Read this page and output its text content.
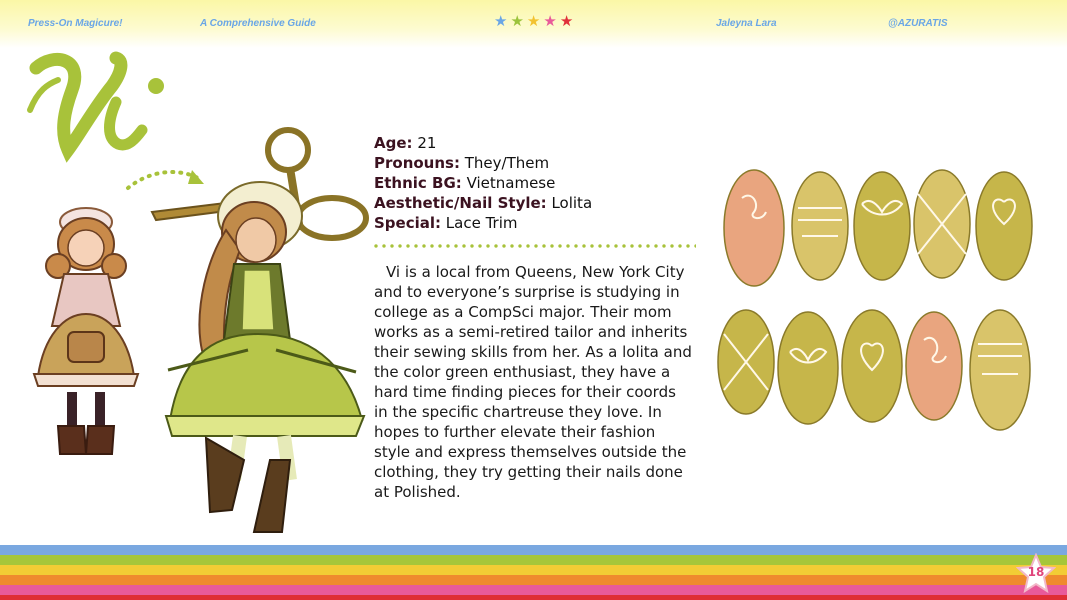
Press-On Magicure!	A Comprehensive Guide	★ ★ ★ ★ ★	Jaleyna Lara	@AZURATIS
Age: 21
Pronouns: They/Them
Ethnic BG: Vietnamese
Aesthetic/Nail Style: Lolita
Special: Lace Trim
Vi is a local from Queens, New York City and to everyone’s surprise is studying in college as a CompSci major. Their mom works as a semi-retired tailor and inherits their sewing skills from her. As a lolita and the color green enthusiast, they have a hard time finding pieces for their coords in the specific chartreuse they love. In hopes to further elevate their fashion style and express themselves outside the clothing, they try getting their nails done at Polished.
18
